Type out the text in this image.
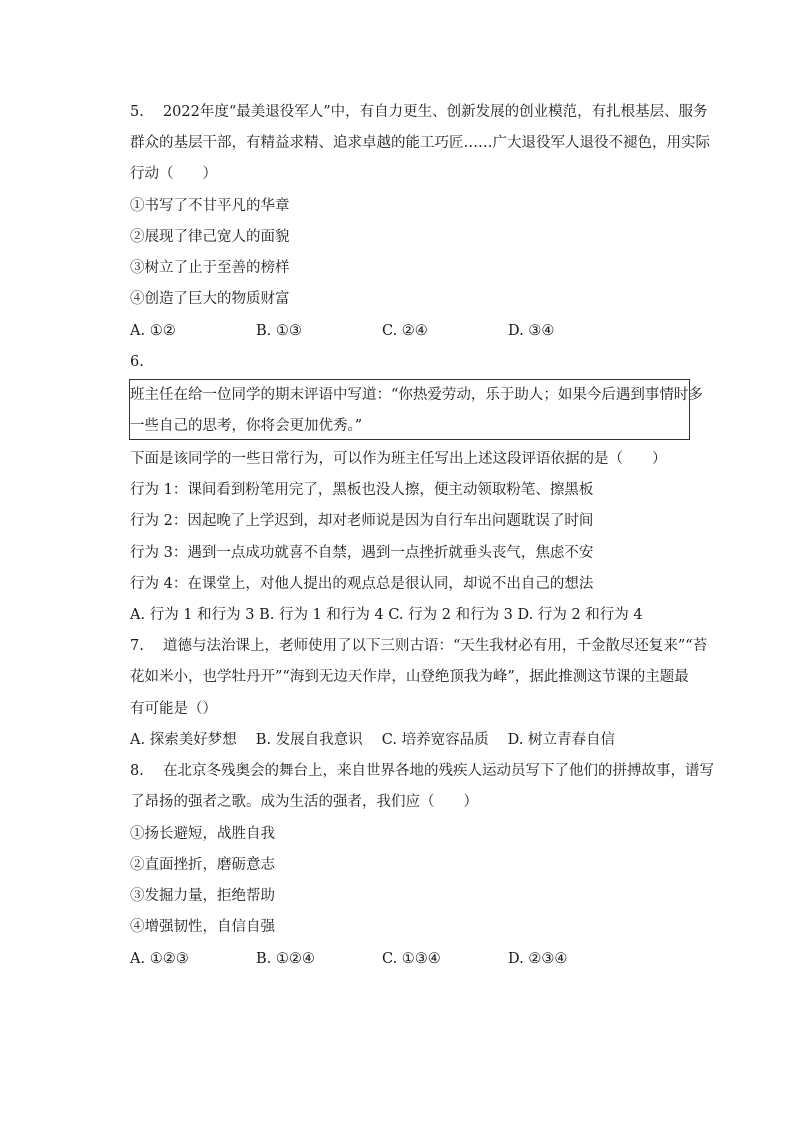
5.　 2022年度“最美退役军人”中，有自力更生、创新发展的创业模范，有扎根基层、服务
群众的基层干部，有精益求精、追求卓越的能工巧匠……广大退役军人退役不褪色，用实际
行动（　　）
①书写了不甘平凡的华章
②展现了律己宽人的面貌
③树立了止于至善的榜样
④创造了巨大的物质财富
A. ①②	B. ①③	C. ②④	D. ③④
6.
班主任在给一位同学的期末评语中写道：“你热爱劳动，乐于助人；如果今后遇到事情时多
一些自己的思考，你将会更加优秀。”
下面是该同学的一些日常行为，可以作为班主任写出上述这段评语依据的是（　　）
行为 1：课间看到粉笔用完了，黑板也没人擦，便主动领取粉笔、擦黑板
行为 2：因起晚了上学迟到，却对老师说是因为自行车出问题耽误了时间
行为 3：遇到一点成功就喜不自禁，遇到一点挫折就垂头丧气，焦虑不安
行为 4：在课堂上，对他人提出的观点总是很认同，却说不出自己的想法
A. 行为 1 和行为 3 B. 行为 1 和行为 4 C. 行为 2 和行为 3 D. 行为 2 和行为 4
7.　 道德与法治课上，老师使用了以下三则古语：“天生我材必有用，千金散尽还复来”“苔
花如米小，也学牡丹开”“海到无边天作岸，山登绝顶我为峰”，据此推测这节课的主题最
有可能是（）
A. 探索美好梦想　 B. 发展自我意识　 C. 培养宽容品质　 D. 树立青春自信
8.　 在北京冬残奥会的舞台上，来自世界各地的残疾人运动员写下了他们的拼搏故事，谱写
了昂扬的强者之歌。成为生活的强者，我们应（　　）
①扬长避短，战胜自我
②直面挫折，磨砺意志
③发掘力量，拒绝帮助
④增强韧性，自信自强
A. ①②③	B. ①②④	C. ①③④	D. ②③④
